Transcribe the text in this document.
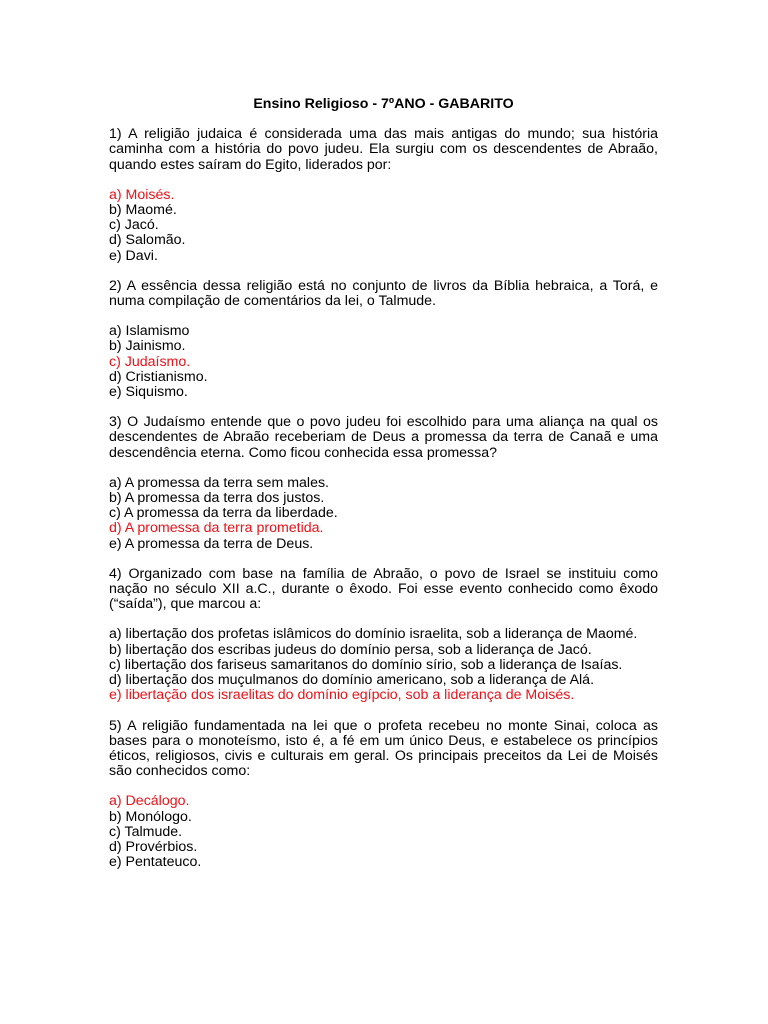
Ensino Religioso - 7ºANO - GABARITO
1) A religião judaica é considerada uma das mais antigas do mundo; sua história caminha com a história do povo judeu. Ela surgiu com os descendentes de Abraão, quando estes saíram do Egito, liderados por:
a) Moisés.
b) Maomé.
c) Jacó.
d) Salomão.
e) Davi.
2) A essência dessa religião está no conjunto de livros da Bíblia hebraica, a Torá, e numa compilação de comentários da lei, o Talmude.
a) Islamismo
b) Jainismo.
c) Judaísmo.
d) Cristianismo.
e) Siquismo.
3) O Judaísmo entende que o povo judeu foi escolhido para uma aliança na qual os descendentes de Abraão receberiam de Deus a promessa da terra de Canaã e uma descendência eterna. Como ficou conhecida essa promessa?
a) A promessa da terra sem males.
b) A promessa da terra dos justos.
c) A promessa da terra da liberdade.
d) A promessa da terra prometida.
e) A promessa da terra de Deus.
4) Organizado com base na família de Abraão, o povo de Israel se instituiu como nação no século XII a.C., durante o êxodo. Foi esse evento conhecido como êxodo (“saída”), que marcou a:
a) libertação dos profetas islâmicos do domínio israelita, sob a liderança de Maomé.
b) libertação dos escribas judeus do domínio persa, sob a liderança de Jacó.
c) libertação dos fariseus samaritanos do domínio sírio, sob a liderança de Isaías.
d) libertação dos muçulmanos do domínio americano, sob a liderança de Alá.
e) libertação dos israelitas do domínio egípcio, sob a liderança de Moisés.
5) A religião fundamentada na lei que o profeta recebeu no monte Sinai, coloca as bases para o monoteísmo, isto é, a fé em um único Deus, e estabelece os princípios éticos, religiosos, civis e culturais em geral. Os principais preceitos da Lei de Moisés são conhecidos como:
a) Decálogo.
b) Monólogo.
c) Talmude.
d) Provérbios.
e) Pentateuco.
